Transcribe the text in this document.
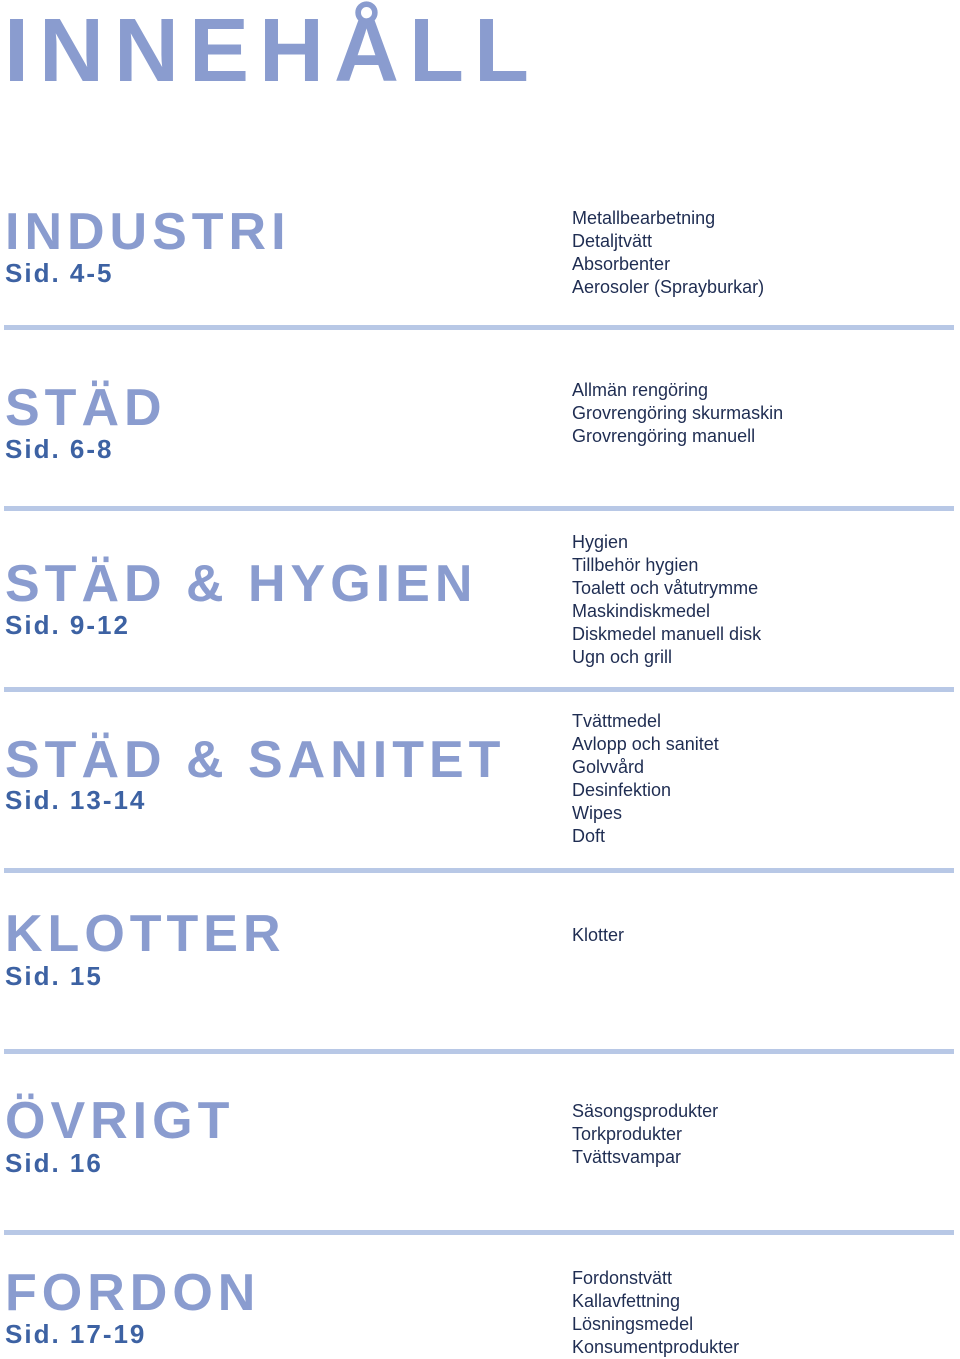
INNEHÅLL
INDUSTRI
Sid. 4-5
Metallbearbetning
Detaljtvätt
Absorbenter
Aerosoler (Sprayburkar)
STÄD
Sid. 6-8
Allmän rengöring
Grovrengöring skurmaskin
Grovrengöring manuell
STÄD & HYGIEN
Sid. 9-12
Hygien
Tillbehör hygien
Toalett och våtutrymme
Maskindiskmedel
Diskmedel manuell disk
Ugn och grill
STÄD & SANITET
Sid. 13-14
Tvättmedel
Avlopp och sanitet
Golvvård
Desinfektion
Wipes
Doft
KLOTTER
Sid. 15
Klotter
ÖVRIGT
Sid. 16
Säsongsprodukter
Torkprodukter
Tvättsvampar
FORDON
Sid. 17-19
Fordonstvätt
Kallavfettning
Lösningsmedel
Konsumentprodukter
